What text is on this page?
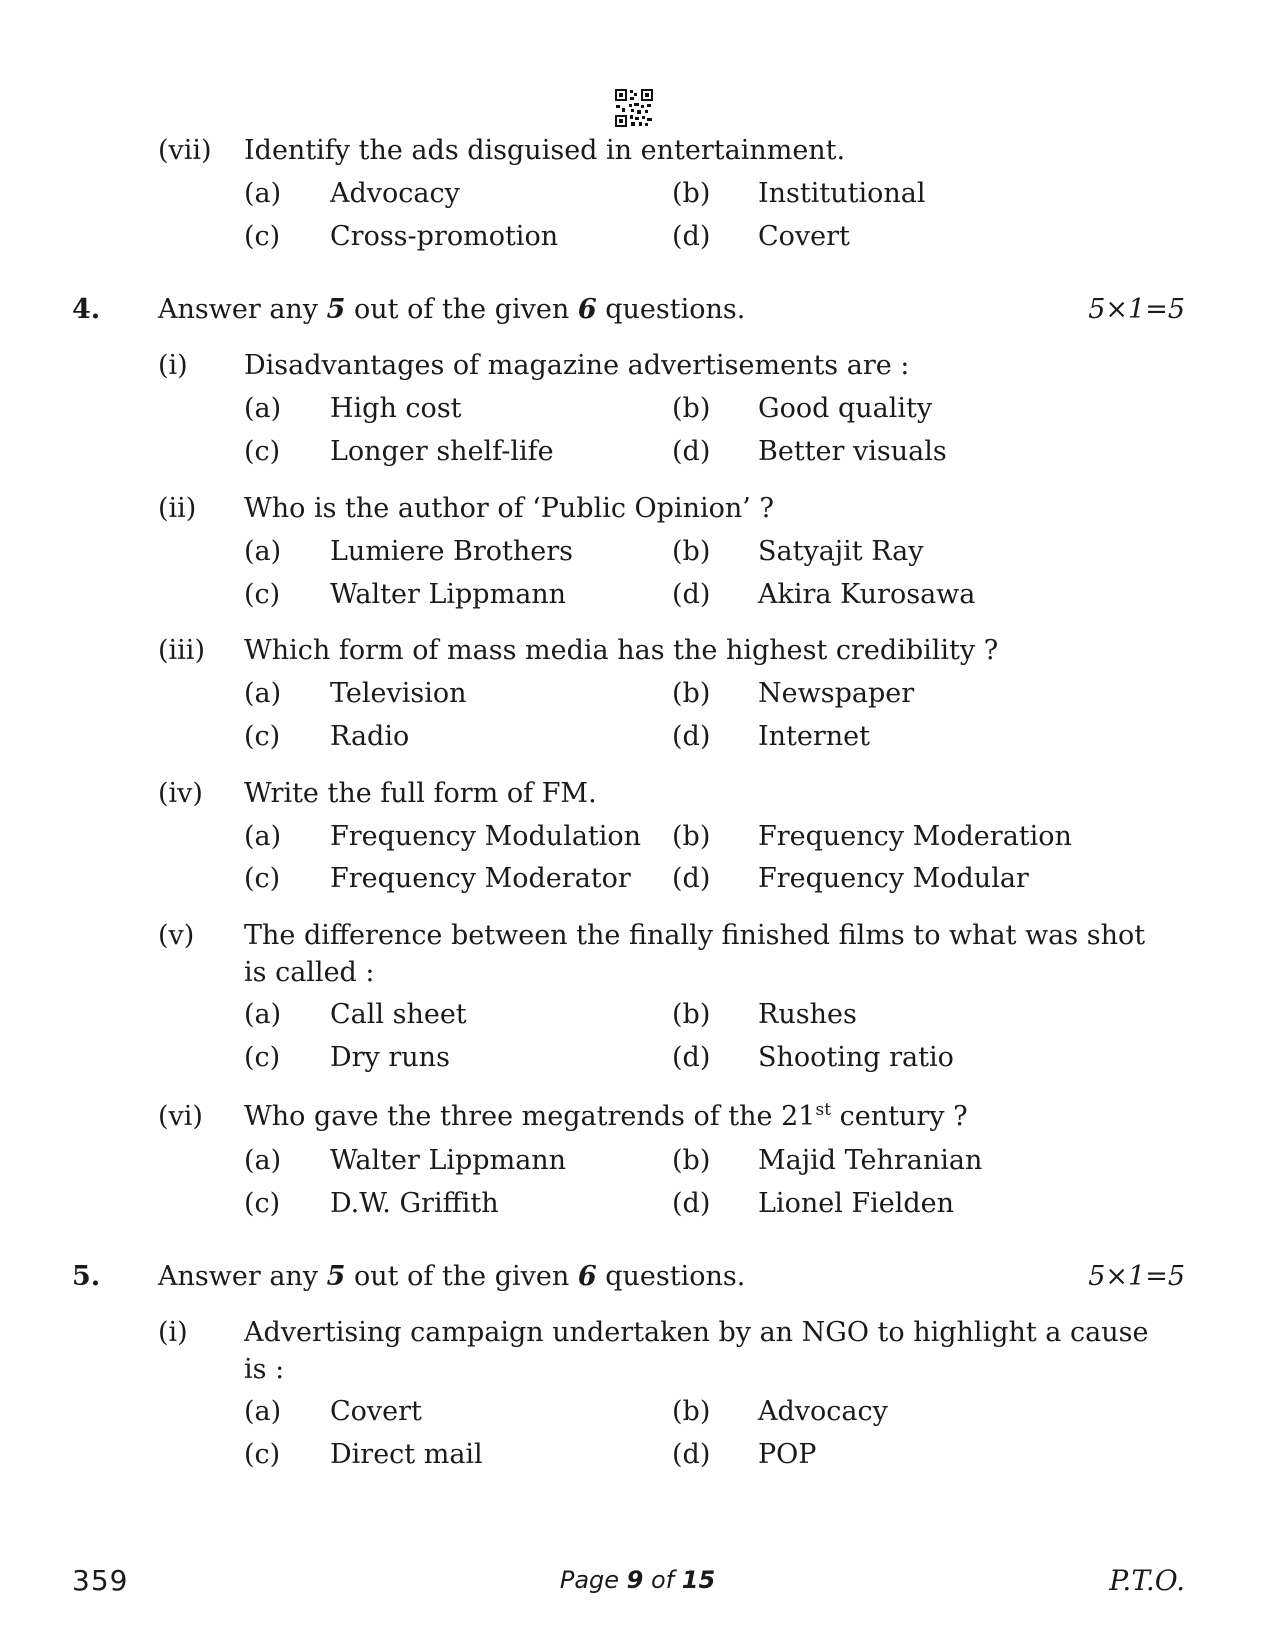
(vii) Identify the ads disguised in entertainment.
(a) Advocacy	(b) Institutional
(c) Cross-promotion	(d) Covert
4. Answer any 5 out of the given 6 questions.	5×1=5
(i) Disadvantages of magazine advertisements are :
(a) High cost	(b) Good quality
(c) Longer shelf-life	(d) Better visuals
(ii) Who is the author of ‘Public Opinion’ ?
(a) Lumiere Brothers	(b) Satyajit Ray
(c) Walter Lippmann	(d) Akira Kurosawa
(iii) Which form of mass media has the highest credibility ?
(a) Television	(b) Newspaper
(c) Radio	(d) Internet
(iv) Write the full form of FM.
(a) Frequency Modulation (b) Frequency Moderation
(c) Frequency Moderator (d) Frequency Modular
(v) The difference between the finally finished films to what was shot
is called :
(a) Call sheet	(b) Rushes
(c) Dry runs	(d) Shooting ratio
(vi) Who gave the three megatrends of the 21st century ?
(a) Walter Lippmann	(b) Majid Tehranian
(c) D.W. Griffith	(d) Lionel Fielden
5. Answer any 5 out of the given 6 questions.	5×1=5
(i) Advertising campaign undertaken by an NGO to highlight a cause
is :
(a) Covert	(b) Advocacy
(c) Direct mail	(d) POP
359	Page 9 of 15	P.T.O.
